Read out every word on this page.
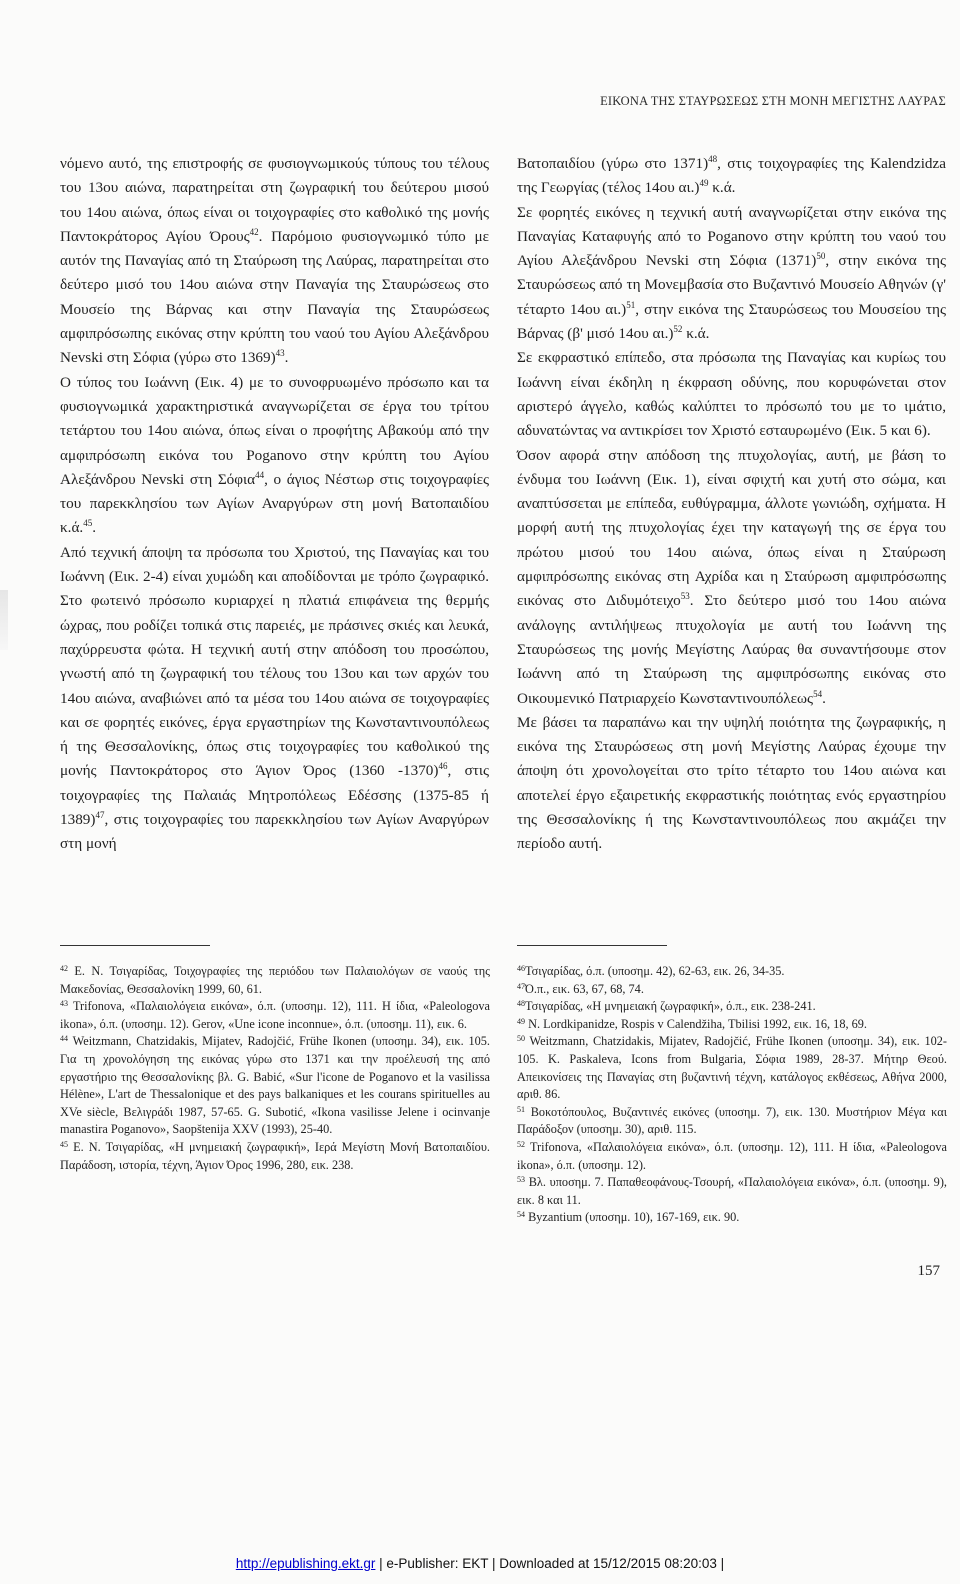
ΕΙΚΟΝΑ ΤΗΣ ΣΤΑΥΡΩΣΕΩΣ ΣΤΗ ΜΟΝΗ ΜΕΓΙΣΤΗΣ ΛΑΥΡΑΣ

νόμενο αυτό, της επιστροφής σε φυσιογνωμικούς τύπους του τέλους του 13ου αιώνα, παρατηρείται στη ζωγραφική του δεύτερου μισού του 14ου αιώνα, όπως είναι οι τοιχογραφίες στο καθολικό της μονής Παντοκράτορος Αγίου Όρους$^{42}$. Παρόμοιο φυσιογνωμικό τύπο με αυτόν της Παναγίας από τη Σταύρωση της Λαύρας, παρατηρείται στο δεύτερο μισό του 14ου αιώνα στην Παναγία της Σταυρώσεως στο Μουσείο της Βάρνας και στην Παναγία της Σταυρώσεως αμφιπρόσωπης εικόνας στην κρύπτη του ναού του Αγίου Αλεξάνδρου Nevski στη Σόφια (γύρω στο 1369)$^{43}$.

Ο τύπος του Ιωάννη (Εικ. 4) με το συνοφρυωμένο πρόσωπο και τα φυσιογνωμικά χαρακτηριστικά αναγνωρίζεται σε έργα του τρίτου τετάρτου του 14ου αιώνα, όπως είναι ο προφήτης Αβακούμ από την αμφιπρόσωπη εικόνα του Poganovo στην κρύπτη του Αγίου Αλεξάνδρου Nevski στη Σόφια$^{44}$, ο άγιος Νέστωρ στις τοιχογραφίες του παρεκκλησίου των Αγίων Αναργύρων στη μονή Βατοπαιδίου κ.ά.$^{45}$.

Από τεχνική άποψη τα πρόσωπα του Χριστού, της Παναγίας και του Ιωάννη (Εικ. 2-4) είναι χυμώδη και αποδίδονται με τρόπο ζωγραφικό. Στο φωτεινό πρόσωπο κυριαρχεί η πλατιά επιφάνεια της θερμής ώχρας, που ροδίζει τοπικά στις παρειές, με πράσινες σκιές και λευκά, παχύρρευστα φώτα. Η τεχνική αυτή στην απόδοση του προσώπου, γνωστή από τη ζωγραφική του τέλους του 13ου και των αρχών του 14ου αιώνα, αναβιώνει από τα μέσα του 14ου αιώνα σε τοιχογραφίες και σε φορητές εικόνες, έργα εργαστηρίων της Κωνσταντινουπόλεως ή της Θεσσαλονίκης, όπως στις τοιχογραφίες του καθολικού της μονής Παντοκράτορος στο Άγιον Όρος (1360 -1370)$^{46}$, στις τοιχογραφίες της Παλαιάς Μητροπόλεως Εδέσσης (1375-85 ή 1389)$^{47}$, στις τοιχογραφίες του παρεκκλησίου των Αγίων Αναργύρων στη μονή

Βατοπαιδίου (γύρω στο 1371)$^{48}$, στις τοιχογραφίες της Kalendzidza της Γεωργίας (τέλος 14ου αι.)$^{49}$ κ.ά.

Σε φορητές εικόνες η τεχνική αυτή αναγνωρίζεται στην εικόνα της Παναγίας Καταφυγής από το Poganovo στην κρύπτη του ναού του Αγίου Αλεξάνδρου Nevski στη Σόφια $(1371)^{50}$, στην εικόνα της Σταυρώσεως από τη Μονεμβασία στο Βυζαντινό Μουσείο Αθηνών (γ' τέταρτο 14ου αι.)$^{51}$, στην εικόνα της Σταυρώσεως του Μουσείου της Βάρνας (β' μισό 14ου αι.)$^{52}$ κ.ά.

Σε εκφραστικό επίπεδο, στα πρόσωπα της Παναγίας και κυρίως του Ιωάννη είναι έκδηλη η έκφραση οδύνης, που κορυφώνεται στον αριστερό άγγελο, καθώς καλύπτει το πρόσωπό του με το ιμάτιο, αδυνατώντας να αντικρίσει τον Χριστό εσταυρωμένο (Εικ. 5 και 6).

Όσον αφορά στην απόδοση της πτυχολογίας, αυτή, με βάση το ένδυμα του Ιωάννη (Εικ. 1), είναι σφιχτή και χυτή στο σώμα, και αναπτύσσεται με επίπεδα, ευθύγραμμα, άλλοτε γωνιώδη, σχήματα. Η μορφή αυτή της πτυχολογίας έχει την καταγωγή της σε έργα του πρώτου μισού του 14ου αιώνα, όπως είναι η Σταύρωση αμφιπρόσωπης εικόνας στη Αχρίδα και η Σταύρωση αμφιπρόσωπης εικόνας στο Διδυμότειχο$^{53}$. Στο δεύτερο μισό του 14ου αιώνα ανάλογης αντιλήψεως πτυχολογία με αυτή του Ιωάννη της Σταυρώσεως της μονής Μεγίστης Λαύρας θα συναντήσουμε στον Ιωάννη από τη Σταύρωση της αμφιπρόσωπης εικόνας στο Οικουμενικό Πατριαρχείο Κωνσταντινουπόλεως$^{54}$.

Με βάσει τα παραπάνω και την υψηλή ποιότητα της ζωγραφικής, η εικόνα της Σταυρώσεως στη μονή Μεγίστης Λαύρας έχουμε την άποψη ότι χρονολογείται στο τρίτο τέταρτο του 14ου αιώνα και αποτελεί έργο εξαιρετικής εκφραστικής ποιότητας ενός εργαστηρίου της Θεσσαλονίκης ή της Κωνσταντινουπόλεως που ακμάζει την περίοδο αυτή.

$^{42}$ Ε. Ν. Τσιγαρίδας, Τοιχογραφίες της περιόδου των Παλαιολόγων σε ναούς της Μακεδονίας, Θεσσαλονίκη 1999, 60, 61.

$^{43}$ Trifonova, «Παλαιολόγεια εικόνα», ό.π. (υποσημ. 12), 111. Η ίδια, «Paleologova ikona», ό.π. (υποσημ. 12). Gerov, «Une icone inconnue», ό.π. (υποσημ. 11), εικ. 6.

$^{44}$ Weitzmann, Chatzidakis, Mijatev, Radojčić, Frühe Ikonen (υποσημ. 34), εικ. 105. Για τη χρονολόγηση της εικόνας γύρω στο 1371 και την προέλευσή της από εργαστήριο της Θεσσαλονίκης βλ. G. Babić, «Sur l'icone de Poganovo et la vasilissa Hélène», L'art de Thessalonique et des pays balkaniques et les courans spirituelles au XVe siècle, Βελιγράδι 1987, 57-65. G. Subotić, «Ikona vasilisse Jelene i ocinvanje manastira Poganovo», Saopštenija XXV (1993), 25-40.

$^{45}$ Ε. Ν. Τσιγαρίδας, «Η μνημειακή ζωγραφική», Ιερά Μεγίστη Μονή Βατοπαιδίου. Παράδοση, ιστορία, τέχνη, Άγιον Όρος 1996, 280, εικ. 238.

$^{46}$Τσιγαρίδας, ό.π. (υποσημ. 42), 62-63, εικ. 26, 34-35.

$^{47}$Ό.π., εικ. 63, 67, 68, 74.

$^{48}$Τσιγαρίδας, «Η μνημειακή ζωγραφική», ό.π., εικ. 238-241.

$^{49}$ N. Lordkipanidze, Rospis v Calendžiha, Tbilisi 1992, εικ. 16, 18, 69.

$^{50}$ Weitzmann, Chatzidakis, Mijatev, Radojčić, Frühe Ikonen (υποσημ. 34), εικ. 102-105. K. Paskaleva, Icons from Bulgaria, Σόφια 1989, 28-37. Μήτηρ Θεού. Απεικονίσεις της Παναγίας στη βυζαντινή τέχνη, κατάλογος εκθέσεως, Αθήνα 2000, αριθ. 86.

$^{51}$ Βοκοτόπουλος, Βυζαντινές εικόνες (υποσημ. 7), εικ. 130. Μυστήριον Μέγα και Παράδοξον (υποσημ. 30), αριθ. 115.

$^{52}$ Trifonova, «Παλαιολόγεια εικόνα», ό.π. (υποσημ. 12), 111. Η ίδια, «Paleologova ikona», ό.π. (υποσημ. 12).

$^{53}$ Βλ. υποσημ. 7. Παπαθεοφάνους-Τσουρή, «Παλαιολόγεια εικόνα», ό.π. (υποσημ. 9), εικ. 8 και 11.

$^{54}$ Byzantium (υποσημ. 10), 167-169, εικ. 90.

157
http://epublishing.ekt.gr | e-Publisher: EKT | Downloaded at 15/12/2015 08:20:03 |
